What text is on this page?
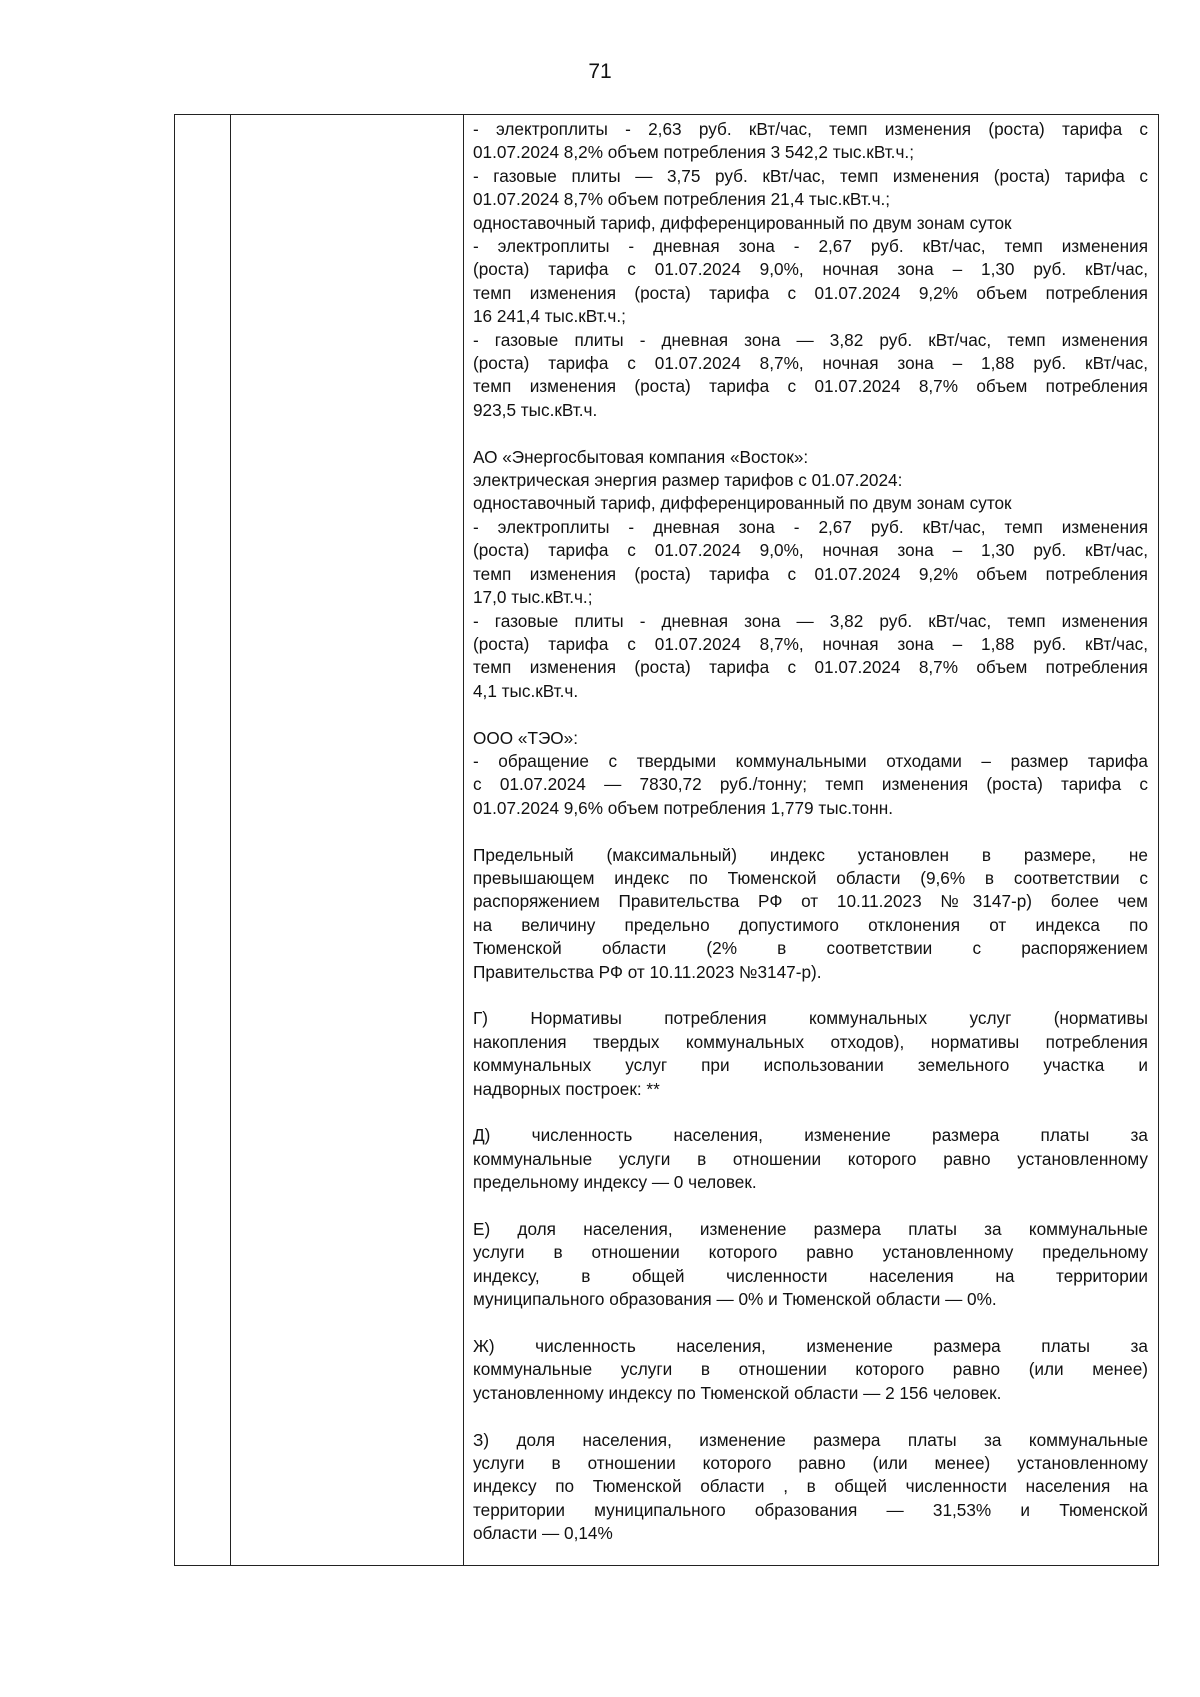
71
- электроплиты - 2,63 руб. кВт/час, темп изменения (роста) тарифа с
01.07.2024 8,2% объем потребления 3 542,2 тыс.кВт.ч.;
- газовые плиты — 3,75 руб. кВт/час, темп изменения (роста) тарифа с
01.07.2024 8,7% объем потребления 21,4 тыс.кВт.ч.;
одноставочный тариф, дифференцированный по двум зонам суток
- электроплиты - дневная зона - 2,67 руб. кВт/час, темп изменения
(роста) тарифа с 01.07.2024 9,0%, ночная зона – 1,30 руб. кВт/час,
темп изменения (роста) тарифа с 01.07.2024 9,2% объем потребления
16 241,4 тыс.кВт.ч.;
- газовые плиты - дневная зона — 3,82 руб. кВт/час, темп изменения
(роста) тарифа с 01.07.2024 8,7%, ночная зона – 1,88 руб. кВт/час,
темп изменения (роста) тарифа с 01.07.2024 8,7% объем потребления
923,5 тыс.кВт.ч.
АО «Энергосбытовая компания «Восток»:
электрическая энергия размер тарифов с 01.07.2024:
одноставочный тариф, дифференцированный по двум зонам суток
- электроплиты - дневная зона - 2,67 руб. кВт/час, темп изменения
(роста) тарифа с 01.07.2024 9,0%, ночная зона – 1,30 руб. кВт/час,
темп изменения (роста) тарифа с 01.07.2024 9,2% объем потребления
17,0 тыс.кВт.ч.;
- газовые плиты - дневная зона — 3,82 руб. кВт/час, темп изменения
(роста) тарифа с 01.07.2024 8,7%, ночная зона – 1,88 руб. кВт/час,
темп изменения (роста) тарифа с 01.07.2024 8,7% объем потребления
4,1 тыс.кВт.ч.
ООО «ТЭО»:
- обращение с твердыми коммунальными отходами – размер тарифа
с 01.07.2024 — 7830,72 руб./тонну; темп изменения (роста) тарифа с
01.07.2024 9,6% объем потребления 1,779 тыс.тонн.
Предельный (максимальный) индекс установлен в размере, не
превышающем индекс по Тюменской области (9,6% в соответствии с
распоряжением Правительства РФ от 10.11.2023 №3147-р) более чем
на величину предельно допустимого отклонения от индекса по
Тюменской области (2% в соответствии с распоряжением
Правительства РФ от 10.11.2023 №3147-р).
Г) Нормативы потребления коммунальных услуг (нормативы
накопления твердых коммунальных отходов), нормативы потребления
коммунальных услуг при использовании земельного участка и
надворных построек: **
Д) численность населения, изменение размера платы за
коммунальные услуги в отношении которого равно установленному
предельному индексу — 0 человек.
Е) доля населения, изменение размера платы за коммунальные
услуги в отношении которого равно установленному предельному
индексу, в общей численности населения на территории
муниципального образования — 0% и Тюменской области — 0%.
Ж) численность населения, изменение размера платы за
коммунальные услуги в отношении которого равно (или менее)
установленному индексу по Тюменской области — 2 156 человек.
З) доля населения, изменение размера платы за коммунальные
услуги в отношении которого равно (или менее) установленному
индексу по Тюменской области , в общей численности населения на
территории муниципального образования — 31,53% и Тюменской
области — 0,14%
